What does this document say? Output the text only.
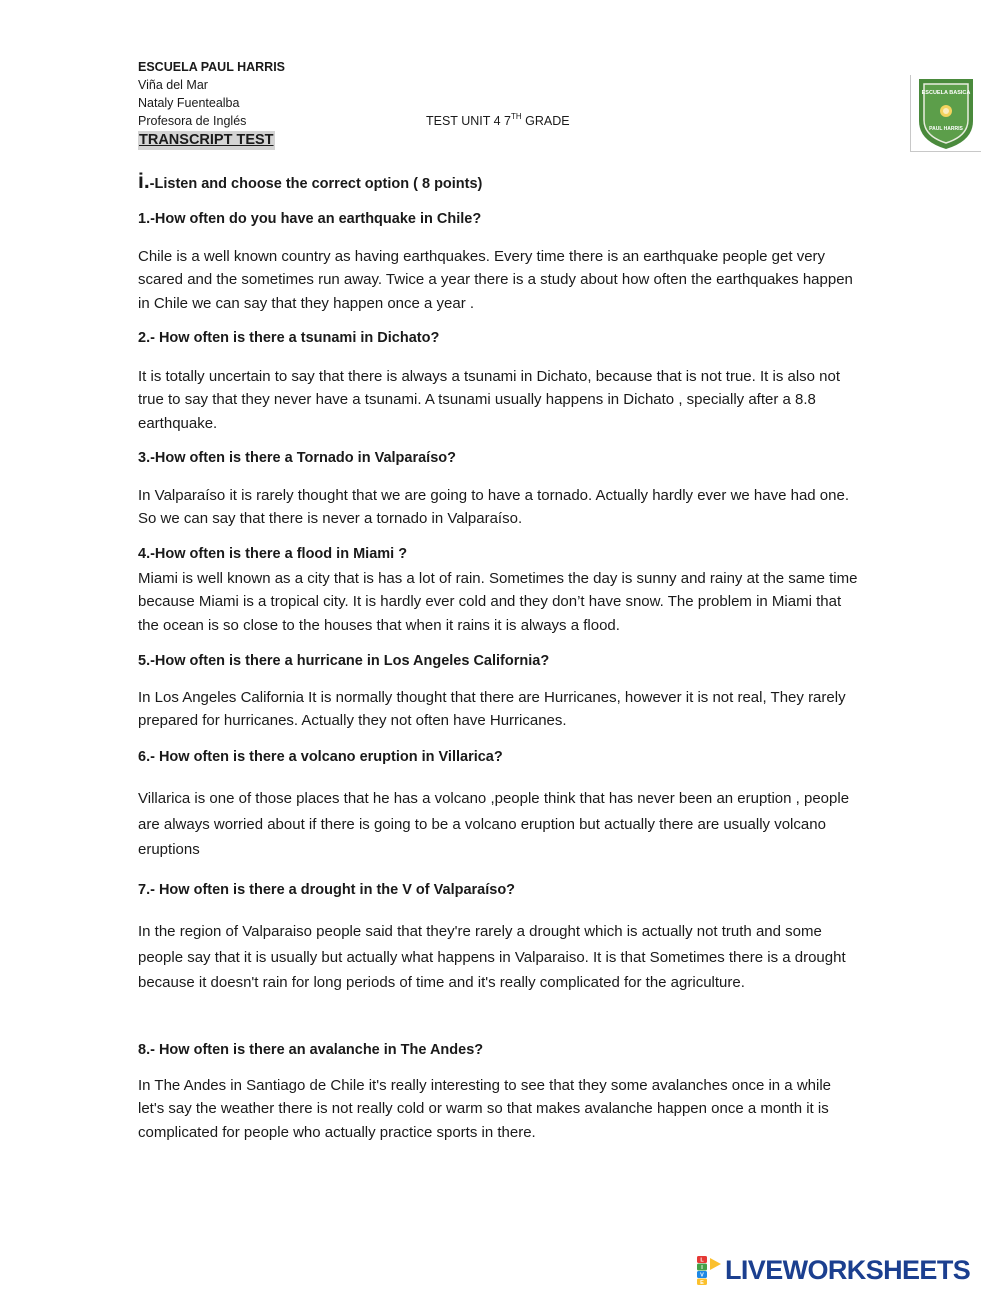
ESCUELA PAUL HARRIS
Viña del Mar
Nataly Fuentealba
Profesora de Inglés	TEST UNIT 4 7TH GRADE
TRANSCRIPT TEST
ESCUELA BASICA
PAUL HARRIS
i.-Listen and choose the correct option ( 8 points)
1.-How often do you have an earthquake in Chile?

Chile is a well known country as having earthquakes. Every time there is an earthquake people get very scared and the sometimes run away. Twice a year there is a study about how often the earthquakes happen in Chile we can say that they happen once a year .

2.- How often is there a tsunami in Dichato?

It is totally uncertain to say that there is always a tsunami in Dichato, because that is not true. It is also not true to say that they never have a tsunami. A tsunami usually happens in Dichato , specially after a 8.8 earthquake.

3.-How often is there a Tornado in Valparaíso?

In Valparaíso it is rarely thought that we are going to have a tornado. Actually hardly ever we have had one. So we can say that there is never a tornado in Valparaíso.

4.-How often is there a flood in Miami ?

Miami is well known as a city that is has a lot of rain. Sometimes the day is sunny and rainy at the same time because Miami is a tropical city. It is hardly ever cold and they don’t have snow. The problem in Miami that the ocean is so close to the houses that when it rains it is always a flood.

5.-How often is there a hurricane in Los Angeles California?

In Los Angeles California It is normally thought that there are Hurricanes, however it is not real, They rarely prepared for hurricanes. Actually they not often have Hurricanes.

6.- How often is there a volcano eruption in Villarica?

Villarica is one of those places that he has a volcano ,people think that has never been an eruption , people are always worried about if there is going to be a volcano eruption but actually there are usually volcano eruptions

7.- How often is there a drought in the V of Valparaíso?

In the region of Valparaiso people said that they're rarely a drought which is actually not truth and some people say that it is usually but actually what happens in Valparaiso. It is that Sometimes there is a drought because it doesn't rain for long periods of time and it's really complicated for the agriculture.

8.- How often is there an avalanche in The Andes?

In The Andes in Santiago de Chile it's really interesting to see that they some avalanches once in a while let's say the weather there is not really cold or warm so that makes avalanche happen once a month it is complicated for people who actually practice sports in there.

L
I
V
E LIVEWORKSHEETS
